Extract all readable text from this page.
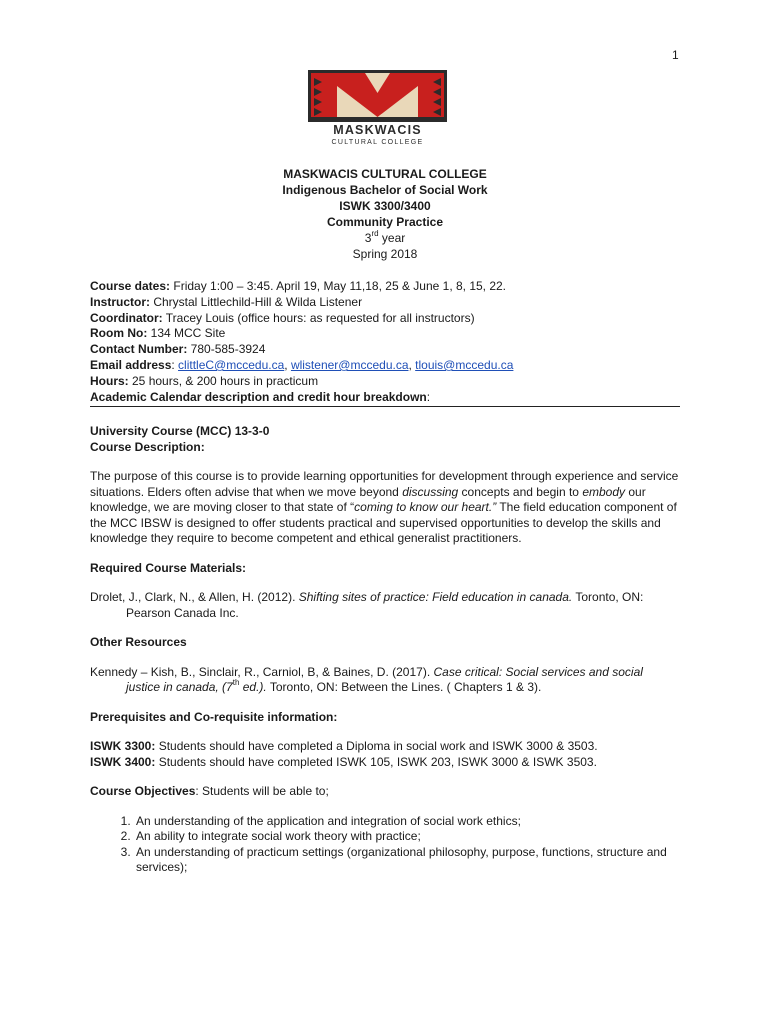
1
MASKWACIS
CULTURAL COLLEGE
MASKWACIS CULTURAL COLLEGE
Indigenous Bachelor of Social Work
ISWK 3300/3400
Community Practice
3rd year
Spring 2018
Course dates: Friday 1:00 – 3:45. April 19, May 11,18, 25 & June 1, 8, 15, 22.
Instructor: Chrystal Littlechild-Hill & Wilda Listener
Coordinator: Tracey Louis (office hours: as requested for all instructors)
Room No: 134 MCC Site
Contact Number: 780-585-3924
Email address: clittleC@mccedu.ca, wlistener@mccedu.ca, tlouis@mccedu.ca
Hours: 25 hours, & 200 hours in practicum
Academic Calendar description and credit hour breakdown:

University Course (MCC) 13-3-0

Course Description:

The purpose of this course is to provide learning opportunities for development through experience and service situations. Elders often advise that when we move beyond discussing concepts and begin to embody our knowledge, we are moving closer to that state of “coming to know our heart.” The field education component of the MCC IBSW is designed to offer students practical and supervised opportunities to develop the skills and knowledge they require to become competent and ethical generalist practitioners.

Required Course Materials:

Drolet, J., Clark, N., & Allen, H. (2012). Shifting sites of practice: Field education in canada. Toronto, ON: Pearson Canada Inc.

Other Resources

Kennedy – Kish, B., Sinclair, R., Carniol, B, & Baines, D. (2017). Case critical: Social services and social justice in canada, (7th ed.). Toronto, ON: Between the Lines. ( Chapters 1 & 3).

Prerequisites and Co-requisite information:

ISWK 3300: Students should have completed a Diploma in social work and ISWK 3000 & 3503.

ISWK 3400: Students should have completed ISWK 105, ISWK 203, ISWK 3000 & ISWK 3503.

Course Objectives: Students will be able to;

1. An understanding of the application and integration of social work ethics;
2. An ability to integrate social work theory with practice;
3. An understanding of practicum settings (organizational philosophy, purpose, functions, structure and services);
